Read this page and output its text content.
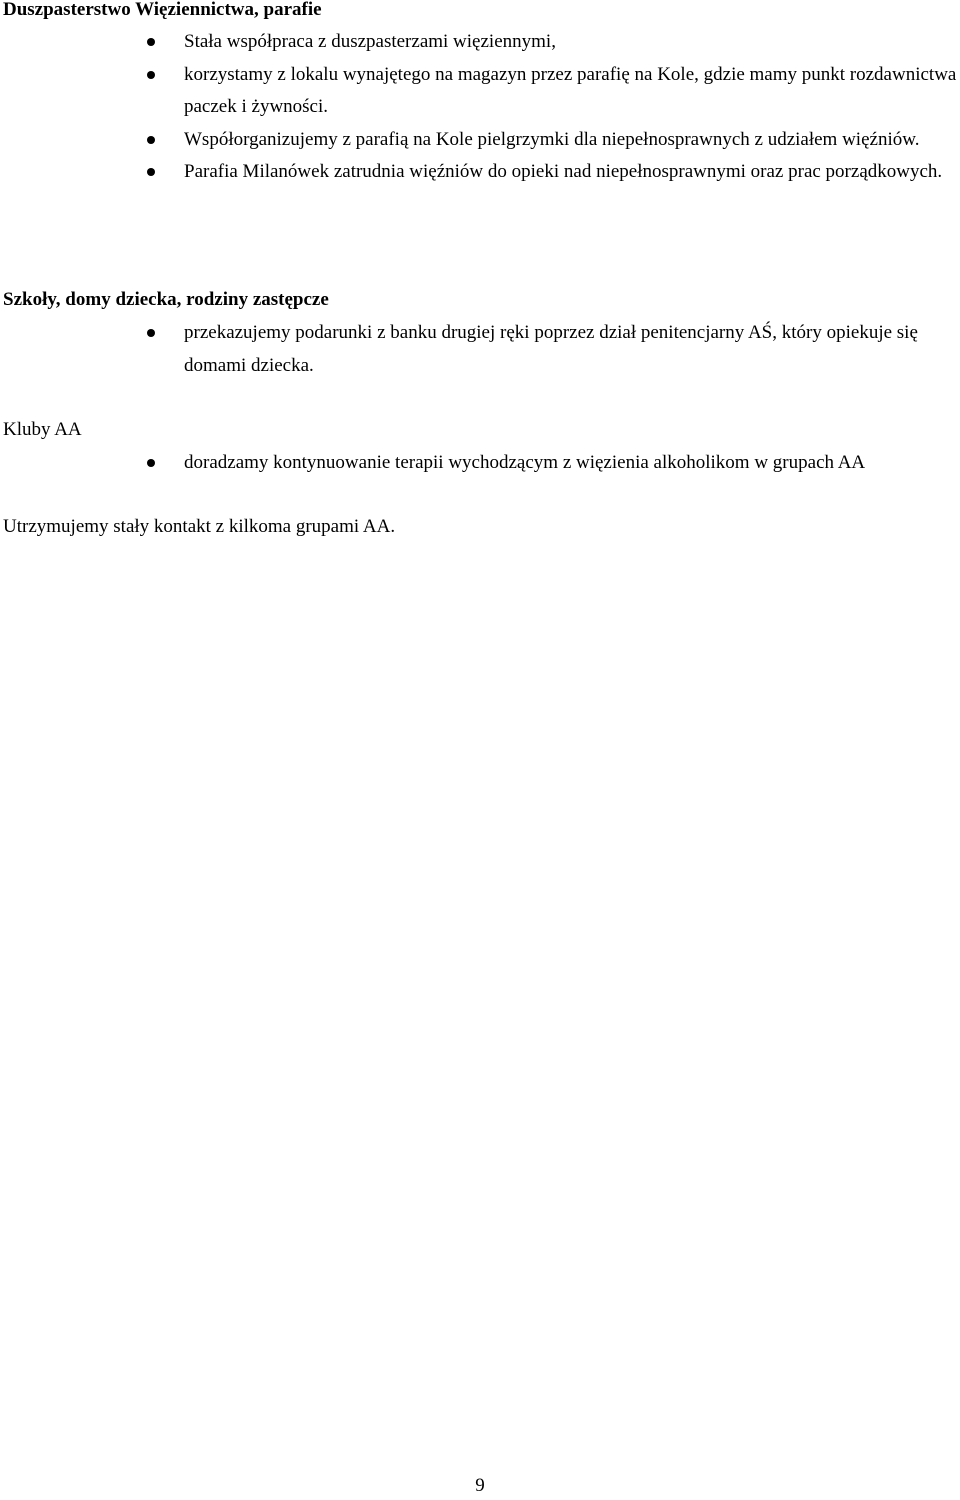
Duszpasterstwo Więziennictwa, parafie
Stała współpraca z duszpasterzami więziennymi,
korzystamy z lokalu wynajętego na magazyn przez parafię na Kole, gdzie mamy punkt rozdawnictwa paczek i żywności.
Współorganizujemy z parafią na Kole pielgrzymki dla niepełnosprawnych z udziałem więźniów.
Parafia Milanówek zatrudnia więźniów do opieki nad niepełnosprawnymi oraz prac porządkowych.
Szkoły, domy dziecka, rodziny zastępcze
przekazujemy podarunki z banku drugiej ręki poprzez dział penitencjarny AŚ, który opiekuje się domami dziecka.
Kluby AA
doradzamy kontynuowanie terapii wychodzącym z więzienia alkoholikom w grupach AA

Utrzymujemy stały kontakt z kilkoma grupami AA.

9
